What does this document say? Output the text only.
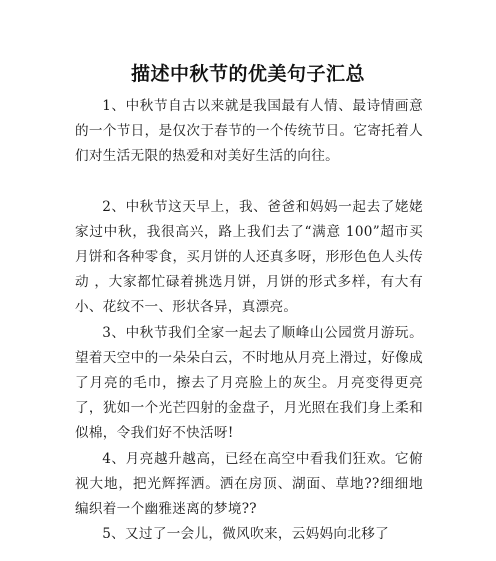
描述中秋节的优美句子汇总

1、中秋节自古以来就是我国最有人情、最诗情画意的一个节日，是仅次于春节的一个传统节日。它寄托着人们对生活无限的热爱和对美好生活的向往。

2、中秋节这天早上，我、爸爸和妈妈一起去了姥姥家过中秋，我很高兴，路上我们去了“满意 100”超市买月饼和各种零食，买月饼的人还真多呀，形形色色人头传动 ，大家都忙碌着挑选月饼，月饼的形式多样，有大有小、花纹不一、形状各异，真漂亮。

3、中秋节我们全家一起去了顺峰山公园赏月游玩。望着天空中的一朵朵白云，不时地从月亮上滑过，好像成了月亮的毛巾，擦去了月亮脸上的灰尘。月亮变得更亮了，犹如一个光芒四射的金盘子，月光照在我们身上柔和似棉，令我们好不快活呀!

4、月亮越升越高，已经在高空中看我们狂欢。它俯视大地，把光辉挥洒。洒在房顶、湖面、草地??细细地编织着一个幽雅迷离的梦境??

5、又过了一会儿，微风吹来，云妈妈向北移了
